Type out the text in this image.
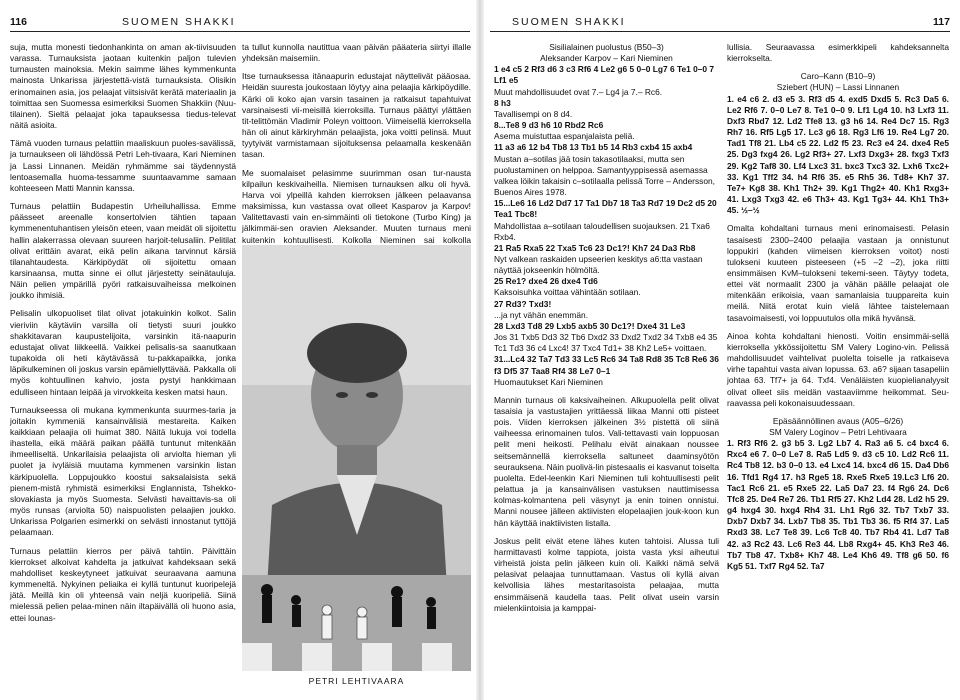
116	SUOMEN SHAKKI

suja, mutta monesti tiedonhankinta on aman ak-tiivisuuden varassa. Turnauksista jaotaan kuitenkin paljon tulevien turnausten mainoksia. Mekin saimme lähes kymmenkunta mainosta Unkarissa järjestettä-vistä turnauksista. Olisikin erinomainen asia, jos pelaajat viitsisivät kerätä materiaalin ja toimittaa sen Suomessa esimerkiksi Suomen Shakkiin (Nuu-tilainen). Sieltä pelaajat joka tapauksessa tiedus-televat näitä asioita.

Tämä vuoden turnaus pelattiin maaliskuun puoles-savälissä, ja turnaukseen oli lähdössä Petri Leh-tivaara, Kari Nieminen ja Lassi Linnanen. Meidän ryhmämme sai täydennystä lentoasemalla huoma-tessamme suuntaavamme samaan kohteeseen Matti Mannin kanssa.

Turnaus pelattiin Budapestin Urheiluhallissa. Emme päässeet areenalle konsertolvien tähtien tapaan kymmenentuhantisen yleisön eteen, vaan meidät oli sijoitettu hallin alakerrassa olevaan suureen harjoit-telusaliin. Pelitilat olivat erittäin avarat, eikä pelin aikana tarvinnut kärsiä tilanahtaudesta. Kärkipöydät oli sijoitettu omaan karsinaansa, mutta sinne ei ollut järjestetty seinätauluja. Näin pelien ympärillä pyöri ratkaisuvaiheissa melkoinen joukko ihmisiä.

Pelisalin ulkopuoliset tilat olivat jotakuinkin kolkot. Salin vieriviin käytäviin varsilla oli tietysti suuri joukko shakkitavaran kaupustelijoita, varsinkin itä-naapurin edustajat olivat liikkeellä. Vaikkei pelisalis-sa saanutkaan tupakoida oli heti käytävässä tu-pakkapaikka, jonka läpikulkeminen oli joskus varsin epämiellyttävää. Pakkalla oli myös kohtuullinen kahvio, josta pystyi hankkimaan edulliseen hintaan leipää ja virvokkeita kesken matsi haun.

Turnaukseessa oli mukana kymmenkunta suurmes-taria ja joitakin kymmeniä kansainvälisiä mestareita. Kaiken kaikkiaan pelaajia oli huimat 380. Näitä lukuja voi todella ihastella, eikä määrä paikan päällä tuntunut mitenkään ihmeelliseltä. Unkarilaisia pelaajista oli arviolta hieman yli puolet ja ivyläisiä muutama kymmenen varsinkin listan kärkipuolella. Loppujoukko koostui saksalaisista sekä pienem-mistä ryhmistä esimerkiksi Englannista, Tshekko-slovakiasta ja myös Suomesta. Selvästi havaittavis-sa oli myös runsas (arviolta 50) naispuolisten pelaajien joukko. Unkarissa Polgarien esimerkki on selvästi innostanut tyttöjä pelaamaan.

Turnaus pelattiin kierros per päivä tahtiin. Päivittäin kierrokset alkoivat kahdelta ja jatkuivat kahdeksaan sekä mahdolliset keskeytyneet jatkuivat seuraavana aamuna kymmeneltä. Nykyinen peliaika ei kyllä tuntunut kuoripelejä jätä. Meillä kin oli yhteensä vain neljä kuoripeliä. Siinä mielessä pelien pelaa-minen näin iltapäivällä oli huono asia, ettei lounas-

ta tullut kunnolla nautittua vaan päivän pääateria siirtyi illalle yhdeksän maisemiin.

Itse turnauksessa itänaapurin edustajat näyttelivät pääosaa. Heidän suuresta joukostaan löytyy aina pelaajia kärkipöydille. Kärki oli koko ajan varsin tasainen ja ratkaisut tapahtuivat varsinaisesti vii-meisillä kierroksilla. Turnaus päättyi ylättäen tit-telittömän Vladimir Poleyn voittoon. Viimeisellä kierroksella hän oli ainut kärkiryhmän pelaajista, joka voitti pelinsä. Muut tyytyivät varmistamaan sijoituksensa pelaamalla keskenään tasan.

Me suomalaiset pelasimme suurimman osan tur-nausta kilpailun keskivaiheilla. Niemisen turnauksen alku oli hyvä. Harva voi ylpeillä kahden kierroksen jälkeen pelaavansa maksimissa, kun vastassa ovat olleet Kasparov ja Karpov! Valitettavasti vain en-simmäinti oli tietokone (Turbo King) ja jälkimmäi-sen oravien Aleksander. Muuten turnaus meni kuitenkin kohtuullisesti. Kolkolla Nieminen sai kolkolla

PETRI LEHTIVAARA
SUOMEN SHAKKI	117
Sisilialainen puolustus (B50–3)
Aleksander Karpov – Kari Nieminen
1 e4 c5 2 Rf3 d6 3 c3 Rf6 4 Le2 g6 5 0–0 Lg7 6 Te1 0–0 7 Lf1 e5
Muut mahdollisuudet ovat 7.– Lg4 ja 7.– Rc6.
8 h3
Tavallisempi on 8 d4.
8...Te8 9 d3 h6 10 Rbd2 Rc6
Asema muistuttaa espanjalaista peliä.
11 a3 a6 12 b4 Tb8 13 Tb1 b5 14 Rb3 cxb4 15 axb4
Mustan a–sotilas jää tosin takasotilaaksi, mutta sen puolustaminen on helppoa. Samantyyppisessä asemassa valkea löikin takaisin c–sotilaalla pelissä Torre – Andersson, Buenos Aires 1978.
15...Le6 16 Ld2 Dd7 17 Ta1 Db7 18 Ta3 Rd7 19 Dc2 d5 20 Tea1 Tbc8!
Mahdollistaa a–sotilaan taloudellisen suojauksen. 21 Txa6 Rxb4.
21 Ra5 Rxa5 22 Txa5 Tc6 23 Dc1?! Kh7 24 Da3 Rb8
Nyt valkean raskaiden upseerien keskitys a6:tta vastaan näyttää jokseenkin hölmöltä.
25 Re1? dxe4 26 dxe4 Td6
Kaksoisuhka voittaa vähintään sotilaan.
27 Rd3? Txd3!
...ja nyt vähän enemmän.
28 Lxd3 Td8 29 Lxb5 axb5 30 Dc1?! Dxe4 31 Le3
Jos 31 Txb5 Dd3 32 Tb6 Dxd2 33 Dxd2 Txd2 34 Txb8 e4 35 Tc1 Td3 36 c4 Lxc4! 37 Txc4 Td1+ 38 Kh2 Le5+ voittaen.
31...Lc4 32 Ta7 Td3 33 Lc5 Rc6 34 Ta8 Rd8 35 Tc8 Re6 36 f3 Df5 37 Taa8 Rf4 38 Le7 0–1
Huomautukset Kari Nieminen

Mannin turnaus oli kaksivaiheinen. Alkupuolella pelit olivat tasaisia ja vastustajien yrittäessä liikaa Manni otti pisteet pois. Viiden kierroksen jälkeinen 3½ pistettä oli siinä vaiheessa erinomainen tulos. Vali-tettavasti vain loppuosan pelit meni heikosti. Pelihalu eivät ainakaan noussee seitsemännellä kierroksella saltuneet daaminsyötön seurauksena. Näin puolivä-lin pistesaalis ei kasvanut toiselta puolelta. Edel-leenkin Kari Nieminen tuli kohtuullisesti pelit pelattua ja ja kansainvälisen vastuksen nauttimisessa kolmas-kolmantena peli väsynyt ja enin toinen onnistui. Manni nousee jälleen aktiivisten elopelaajien jouk-koon kun hän käyttää inaktiivisten listalla.

Joskus pelit eivät etene lähes kuten tahtoisi. Alussa tuli harmittavasti kolme tappiota, joista vasta yksi aiheutui virheistä joista pelin jälkeen kuin oli. Kaikki nämä selvä pelasivat pelaajaa tunnuttamaan. Vastus oli kyllä aivan kelvollisia lähes mestaritasoista pelaajaa, mutta ensimmäisenä kaudella taas. Pelit olivat usein varsin mielenkiintoisia ja kamppai-

lullisia. Seuraavassa esimerkkipeli kahdeksannelta kierrokselta.

Caro–Kann (B10–9)
Sziebert (HUN) – Lassi Linnanen

1. e4 c6 2. d3 e5 3. Rf3 d5 4. exd5 Dxd5 5. Rc3 Da5 6. Le2 Rf6 7. 0–0 Le7 8. Te1 0–0 9. Lf1 Lg4 10. h3 Lxf3 11. Dxf3 Rbd7 12. Ld2 Tfe8 13. g3 h6 14. Re4 Dc7 15. Rg3 Rh7 16. Rf5 Lg5 17. Lc3 g6 18. Rg3 Lf6 19. Re4 Lg7 20. Tad1 Tf8 21. Lb4 c5 22. Ld2 f5 23. Rc3 e4 24. dxe4 Re5 25. Dg3 fxg4 26. Lg2 Rf3+ 27. Lxf3 Dxg3+ 28. fxg3 Txf3 29. Kg2 Taf8 30. Lf4 Lxc3 31. bxc3 Txc3 32. Lxh6 Txc2+ 33. Kg1 Tff2 34. h4 Rf6 35. e5 Rh5 36. Td8+ Kh7 37. Te7+ Kg8 38. Kh1 Th2+ 39. Kg1 Thg2+ 40. Kh1 Rxg3+ 41. Lxg3 Txg3 42. e6 Th3+ 43. Kg1 Tg3+ 44. Kh1 Th3+ 45. ½–½

Omalta kohdaltani turnaus meni erinomaisesti. Pelasin tasaisesti 2300–2400 pelaajia vastaan ja onnistunut loppukiri (kahden viimeisen kierroksen voitot) nosti tulokseni kuuteen pisteeseen (+5 –2 –2), joka riitti ensimmäisen KvM–tulokseni tekemi-seen. Täytyy todeta, ettei vät normaalit 2300 ja vähän päälle pelaajat ole mitenkään erikoisia, vaan samanlaisia tuuppareita kuin meilä. Niitä erotat kuin vielä lähtee taistelemaan tasavoimaisesti, voi loppuutulos olla mikä hyvänsä.

Ainoa kohta kohdaltani hienosti. Voitin ensimmäi-sellä kierroksella ykkössijoitettu SM Valery Logino-vin. Pelissä mahdollisuudet vaihtelivat puolelta toiselle ja ratkaiseva virhe tapahtui vasta aivan lopussa. 63. a6? sijaan tasapeliin johtaa 63. Tf7+ ja 64. Txf4. Venäläisten kuopielianalyysit olivat olleet siis meidän vastaaviimme heikommat. Seu-raavassa peli kokonaisuudessaan.

Epäsäännöllinen avaus (A05–6/26)
SM Valery Loginov – Petri Lehtivaara

1. Rf3 Rf6 2. g3 b5 3. Lg2 Lb7 4. Ra3 a6 5. c4 bxc4 6. Rxc4 e6 7. 0–0 Le7 8. Ra5 Ld5 9. d3 c5 10. Ld2 Rc6 11. Rc4 Tb8 12. b3 0–0 13. e4 Lxc4 14. bxc4 d6 15. Da4 Db6 16. Tfd1 Rg4 17. h3 Rge5 18. Rxe5 Rxe5 19.Lc3 Lf6 20. Tac1 Rc6 21. e5 Rxe5 22. La5 Da7 23. f4 Rg6 24. Dc6 Tfc8 25. De4 Re7 26. Tb1 Rf5 27. Kh2 Ld4 28. Ld2 h5 29. g4 hxg4 30. hxg4 Rh4 31. Lh1 Rg6 32. Tb7 Txb7 33. Dxb7 Dxb7 34. Lxb7 Tb8 35. Tb1 Tb3 36. f5 Rf4 37. La5 Rxd3 38. Lc7 Te8 39. Lc6 Tc8 40. Tb7 Rb4 41. Ld7 Ta8 42. a3 Rc2 43. Lc6 Re3 44. Lb8 Rxg4+ 45. Kh3 Re3 46. Tb7 Tb8 47. Txb8+ Kh7 48. Le4 Kh6 49. Tf8 g6 50. f6 Kg5 51. Txf7 Rg4 52. Ta7
